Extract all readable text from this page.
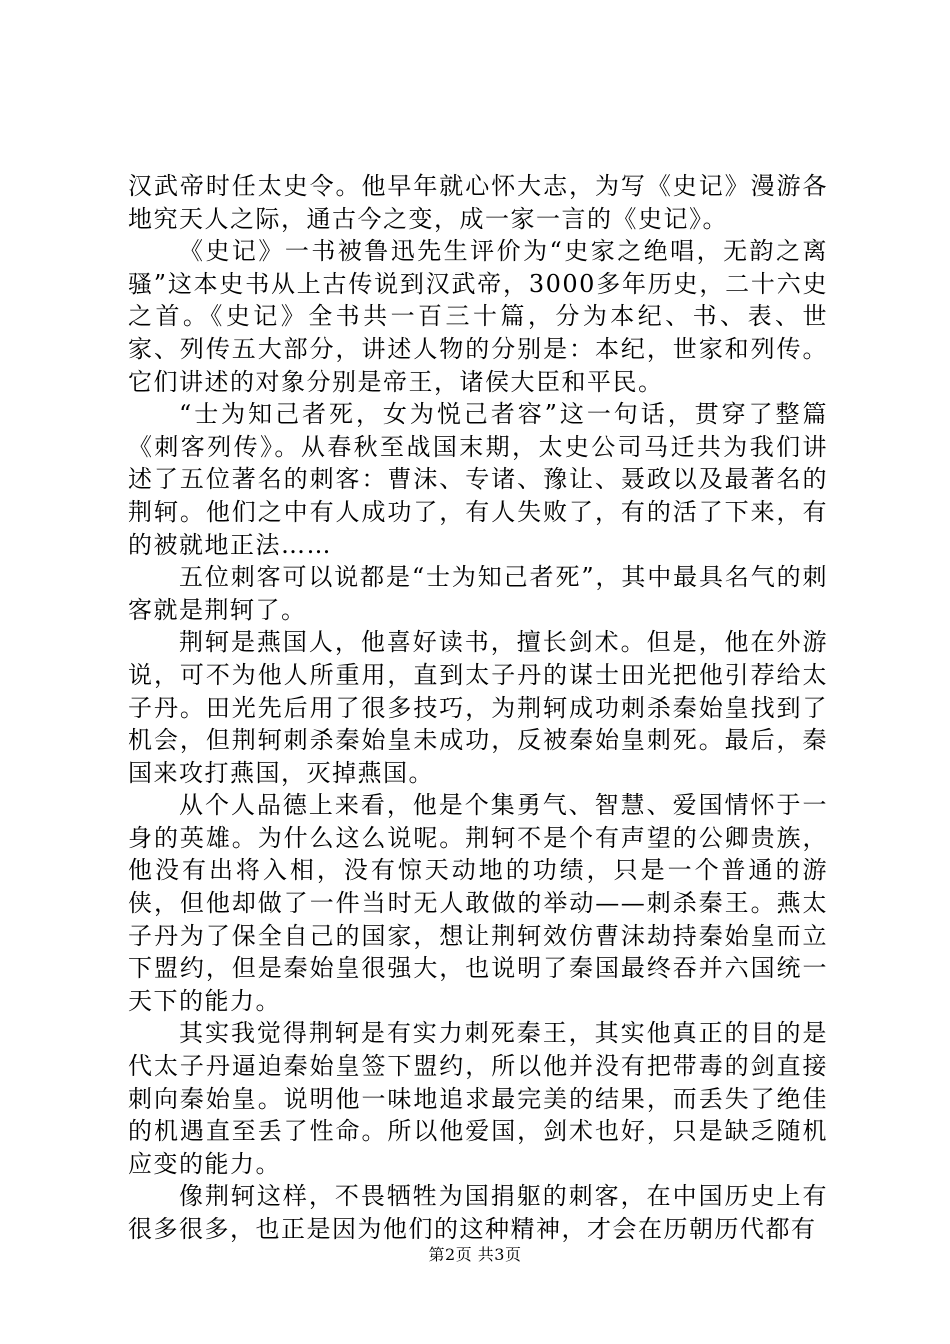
汉武帝时任太史令。他早年就心怀大志，为写《史记》漫游各地究天人之际，通古今之变，成一家一言的《史记》。

《史记》一书被鲁迅先生评价为“史家之绝唱，无韵之离骚”这本史书从上古传说到汉武帝，3000多年历史，二十六史之首。《史记》全书共一百三十篇，分为本纪、书、表、世家、列传五大部分，讲述人物的分别是：本纪，世家和列传。它们讲述的对象分别是帝王，诸侯大臣和平民。

“士为知己者死，女为悦己者容”这一句话，贯穿了整篇《刺客列传》。从春秋至战国末期，太史公司马迁共为我们讲述了五位著名的刺客：曹沫、专诸、豫让、聂政以及最著名的荆轲。他们之中有人成功了，有人失败了，有的活了下来，有的被就地正法……

五位刺客可以说都是“士为知己者死”，其中最具名气的刺客就是荆轲了。

荆轲是燕国人，他喜好读书，擅长剑术。但是，他在外游说，可不为他人所重用，直到太子丹的谋士田光把他引荐给太子丹。田光先后用了很多技巧，为荆轲成功刺杀秦始皇找到了机会，但荆轲刺杀秦始皇未成功，反被秦始皇刺死。最后，秦国来攻打燕国，灭掉燕国。

从个人品德上来看，他是个集勇气、智慧、爱国情怀于一身的英雄。为什么这么说呢。荆轲不是个有声望的公卿贵族，他没有出将入相，没有惊天动地的功绩，只是一个普通的游侠，但他却做了一件当时无人敢做的举动——刺杀秦王。燕太子丹为了保全自己的国家，想让荆轲效仿曹沫劫持秦始皇而立下盟约，但是秦始皇很强大，也说明了秦国最终吞并六国统一天下的能力。

其实我觉得荆轲是有实力刺死秦王，其实他真正的目的是代太子丹逼迫秦始皇签下盟约，所以他并没有把带毒的剑直接刺向秦始皇。说明他一味地追求最完美的结果，而丢失了绝佳的机遇直至丢了性命。所以他爱国，剑术也好，只是缺乏随机应变的能力。

像荆轲这样，不畏牺牲为国捐躯的刺客，在中国历史上有很多很多，也正是因为他们的这种精神，才会在历朝历代都有

第2页 共3页
